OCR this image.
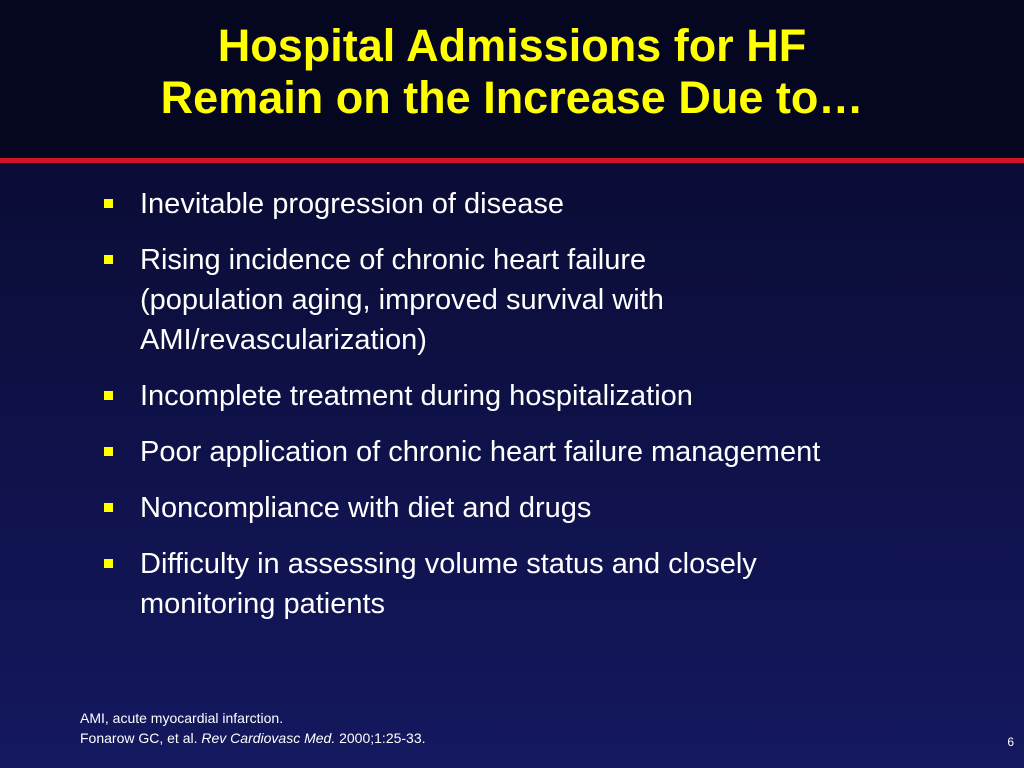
Hospital Admissions for HF
Remain on the Increase Due to…
Inevitable progression of disease
Rising incidence of chronic heart failure
(population aging, improved survival with
AMI/revascularization)
Incomplete treatment during hospitalization
Poor application of chronic heart failure management
Noncompliance with diet and drugs
Difficulty in assessing volume status and closely
monitoring patients
AMI, acute myocardial infarction.
Fonarow GC, et al. Rev Cardiovasc Med. 2000;1:25-33.	6
